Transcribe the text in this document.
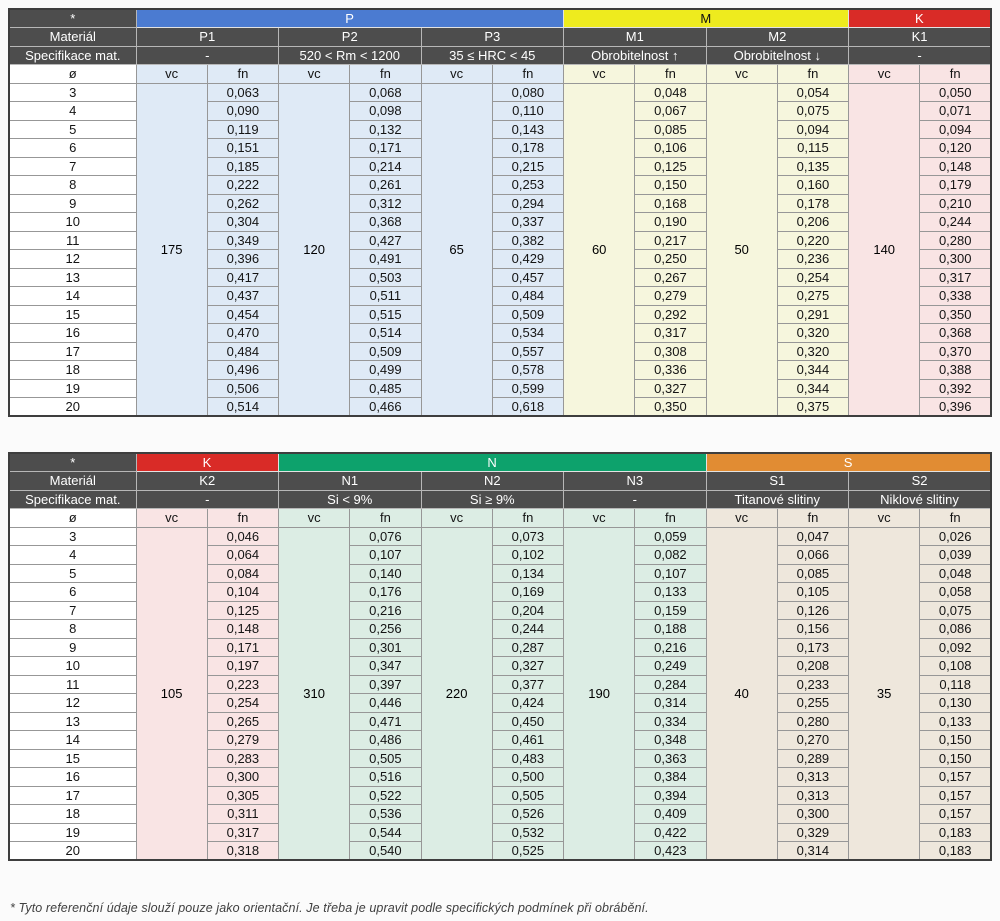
*	P						M				K	
Materiál	P1		P2		P3		M1		M2		K1	
Specifikace mat.	-		520 < Rm < 1200		35 ≤ HRC < 45		Obrobitelnost ↑		Obrobitelnost ↓		-	
ø	vc	fn	vc	fn	vc	fn	vc	fn	vc	fn	vc	fn
3	175	0,063	120	0,068	65	0,080	60	0,048	50	0,054	140	0,050
4		0,090		0,098		0,110		0,067		0,075		0,071
5		0,119		0,132		0,143		0,085		0,094		0,094
6		0,151		0,171		0,178		0,106		0,115		0,120
7		0,185		0,214		0,215		0,125		0,135		0,148
8		0,222		0,261		0,253		0,150		0,160		0,179
9		0,262		0,312		0,294		0,168		0,178		0,210
10		0,304		0,368		0,337		0,190		0,206		0,244
11		0,349		0,427		0,382		0,217		0,220		0,280
12		0,396		0,491		0,429		0,250		0,236		0,300
13		0,417		0,503		0,457		0,267		0,254		0,317
14		0,437		0,511		0,484		0,279		0,275		0,338
15		0,454		0,515		0,509		0,292		0,291		0,350
16		0,470		0,514		0,534		0,317		0,320		0,368
17		0,484		0,509		0,557		0,308		0,320		0,370
18		0,496		0,499		0,578		0,336		0,344		0,388
19		0,506		0,485		0,599		0,327		0,344		0,392
20		0,514		0,466		0,618		0,350		0,375		0,396
*	K		N						S			
Materiál	K2		N1		N2		N3		S1		S2	
Specifikace mat.	-		Si < 9%		Si ≥ 9%		-		Titanové slitiny		Niklové slitiny	
ø	vc	fn	vc	fn	vc	fn	vc	fn	vc	fn	vc	fn
3	105	0,046	310	0,076	220	0,073	190	0,059	40	0,047	35	0,026
4		0,064		0,107		0,102		0,082		0,066		0,039
5		0,084		0,140		0,134		0,107		0,085		0,048
6		0,104		0,176		0,169		0,133		0,105		0,058
7		0,125		0,216		0,204		0,159		0,126		0,075
8		0,148		0,256		0,244		0,188		0,156		0,086
9		0,171		0,301		0,287		0,216		0,173		0,092
10		0,197		0,347		0,327		0,249		0,208		0,108
11		0,223		0,397		0,377		0,284		0,233		0,118
12		0,254		0,446		0,424		0,314		0,255		0,130
13		0,265		0,471		0,450		0,334		0,280		0,133
14		0,279		0,486		0,461		0,348		0,270		0,150
15		0,283		0,505		0,483		0,363		0,289		0,150
16		0,300		0,516		0,500		0,384		0,313		0,157
17		0,305		0,522		0,505		0,394		0,313		0,157
18		0,311		0,536		0,526		0,409		0,300		0,157
19		0,317		0,544		0,532		0,422		0,329		0,183
20		0,318		0,540		0,525		0,423		0,314		0,183
* Tyto referenční údaje slouží pouze jako orientační. Je třeba je upravit podle specifických podmínek při obrábění.
